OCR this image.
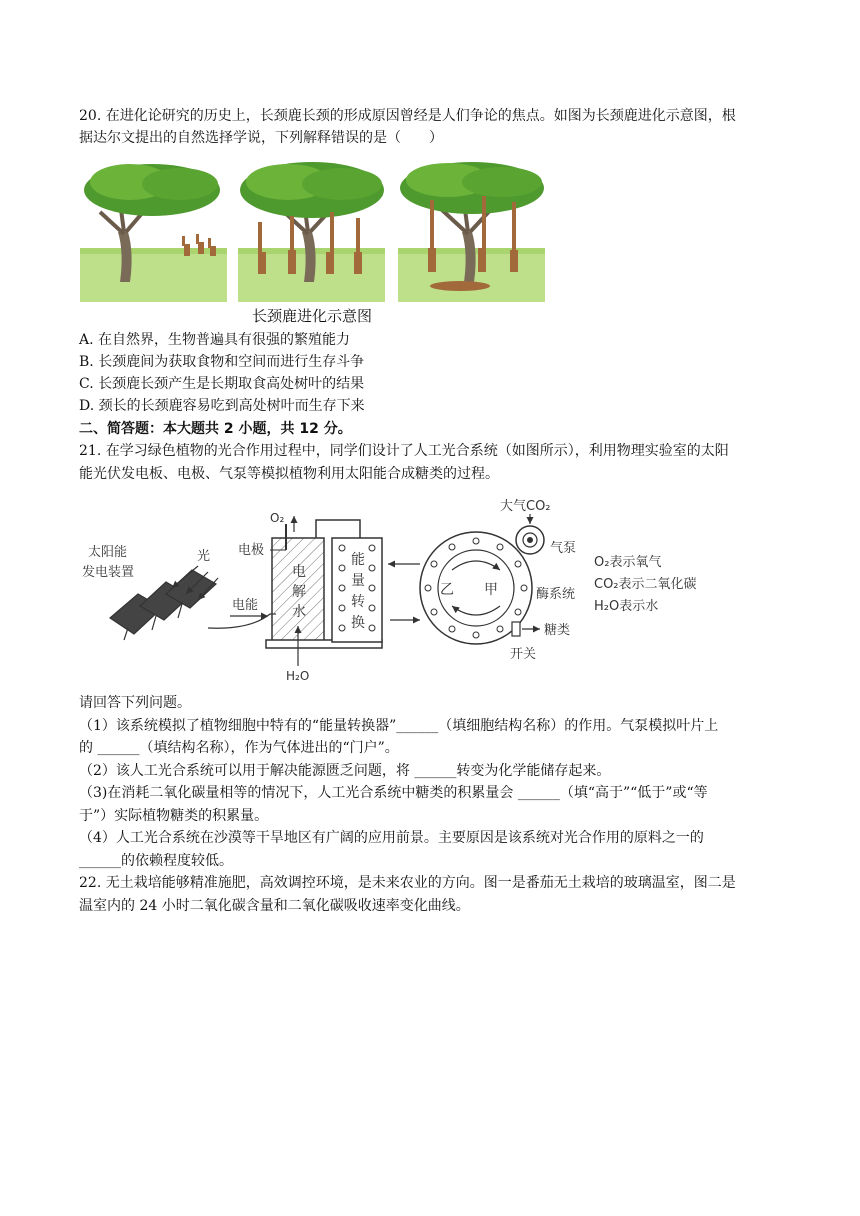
20. 在进化论研究的历史上，长颈鹿长颈的形成原因曾经是人们争论的焦点。如图为长颈鹿进化示意图，根
据达尔文提出的自然选择学说，下列解释错误的是（　　）
长颈鹿进化示意图
A. 在自然界，生物普遍具有很强的繁殖能力
B. 长颈鹿间为获取食物和空间而进行生存斗争
C. 长颈鹿长颈产生是长期取食高处树叶的结果
D. 颈长的长颈鹿容易吃到高处树叶而生存下来
二、简答题：本大题共 2 小题，共 12 分。
21. 在学习绿色植物的光合作用过程中，同学们设计了人工光合系统（如图所示），利用物理实验室的太阳
能光伏发电板、电极、气泵等模拟植物利用太阳能合成糖类的过程。
太阳能
发电装置
光
电能
电极
O₂
电
解
水
H₂O
能
量
转
换
乙 甲
大气CO₂
气泵
酶系统
糖类
开关
O₂表示氧气
CO₂表示二氧化碳
H₂O表示水
请回答下列问题。
（1）该系统模拟了植物细胞中特有的“能量转换器”______（填细胞结构名称）的作用。气泵模拟叶片上
的 ______（填结构名称），作为气体进出的“门户”。
（2）该人工光合系统可以用于解决能源匮乏问题，将 ______转变为化学能储存起来。
（3)在消耗二氧化碳量相等的情况下，人工光合系统中糖类的积累量会 ______（填“高于”“低于”或“等
于”）实际植物糖类的积累量。
（4）人工光合系统在沙漠等干旱地区有广阔的应用前景。主要原因是该系统对光合作用的原料之一的
______的依赖程度较低。
22. 无土栽培能够精准施肥，高效调控环境，是未来农业的方向。图一是番茄无土栽培的玻璃温室，图二是
温室内的 24 小时二氧化碳含量和二氧化碳吸收速率变化曲线。
